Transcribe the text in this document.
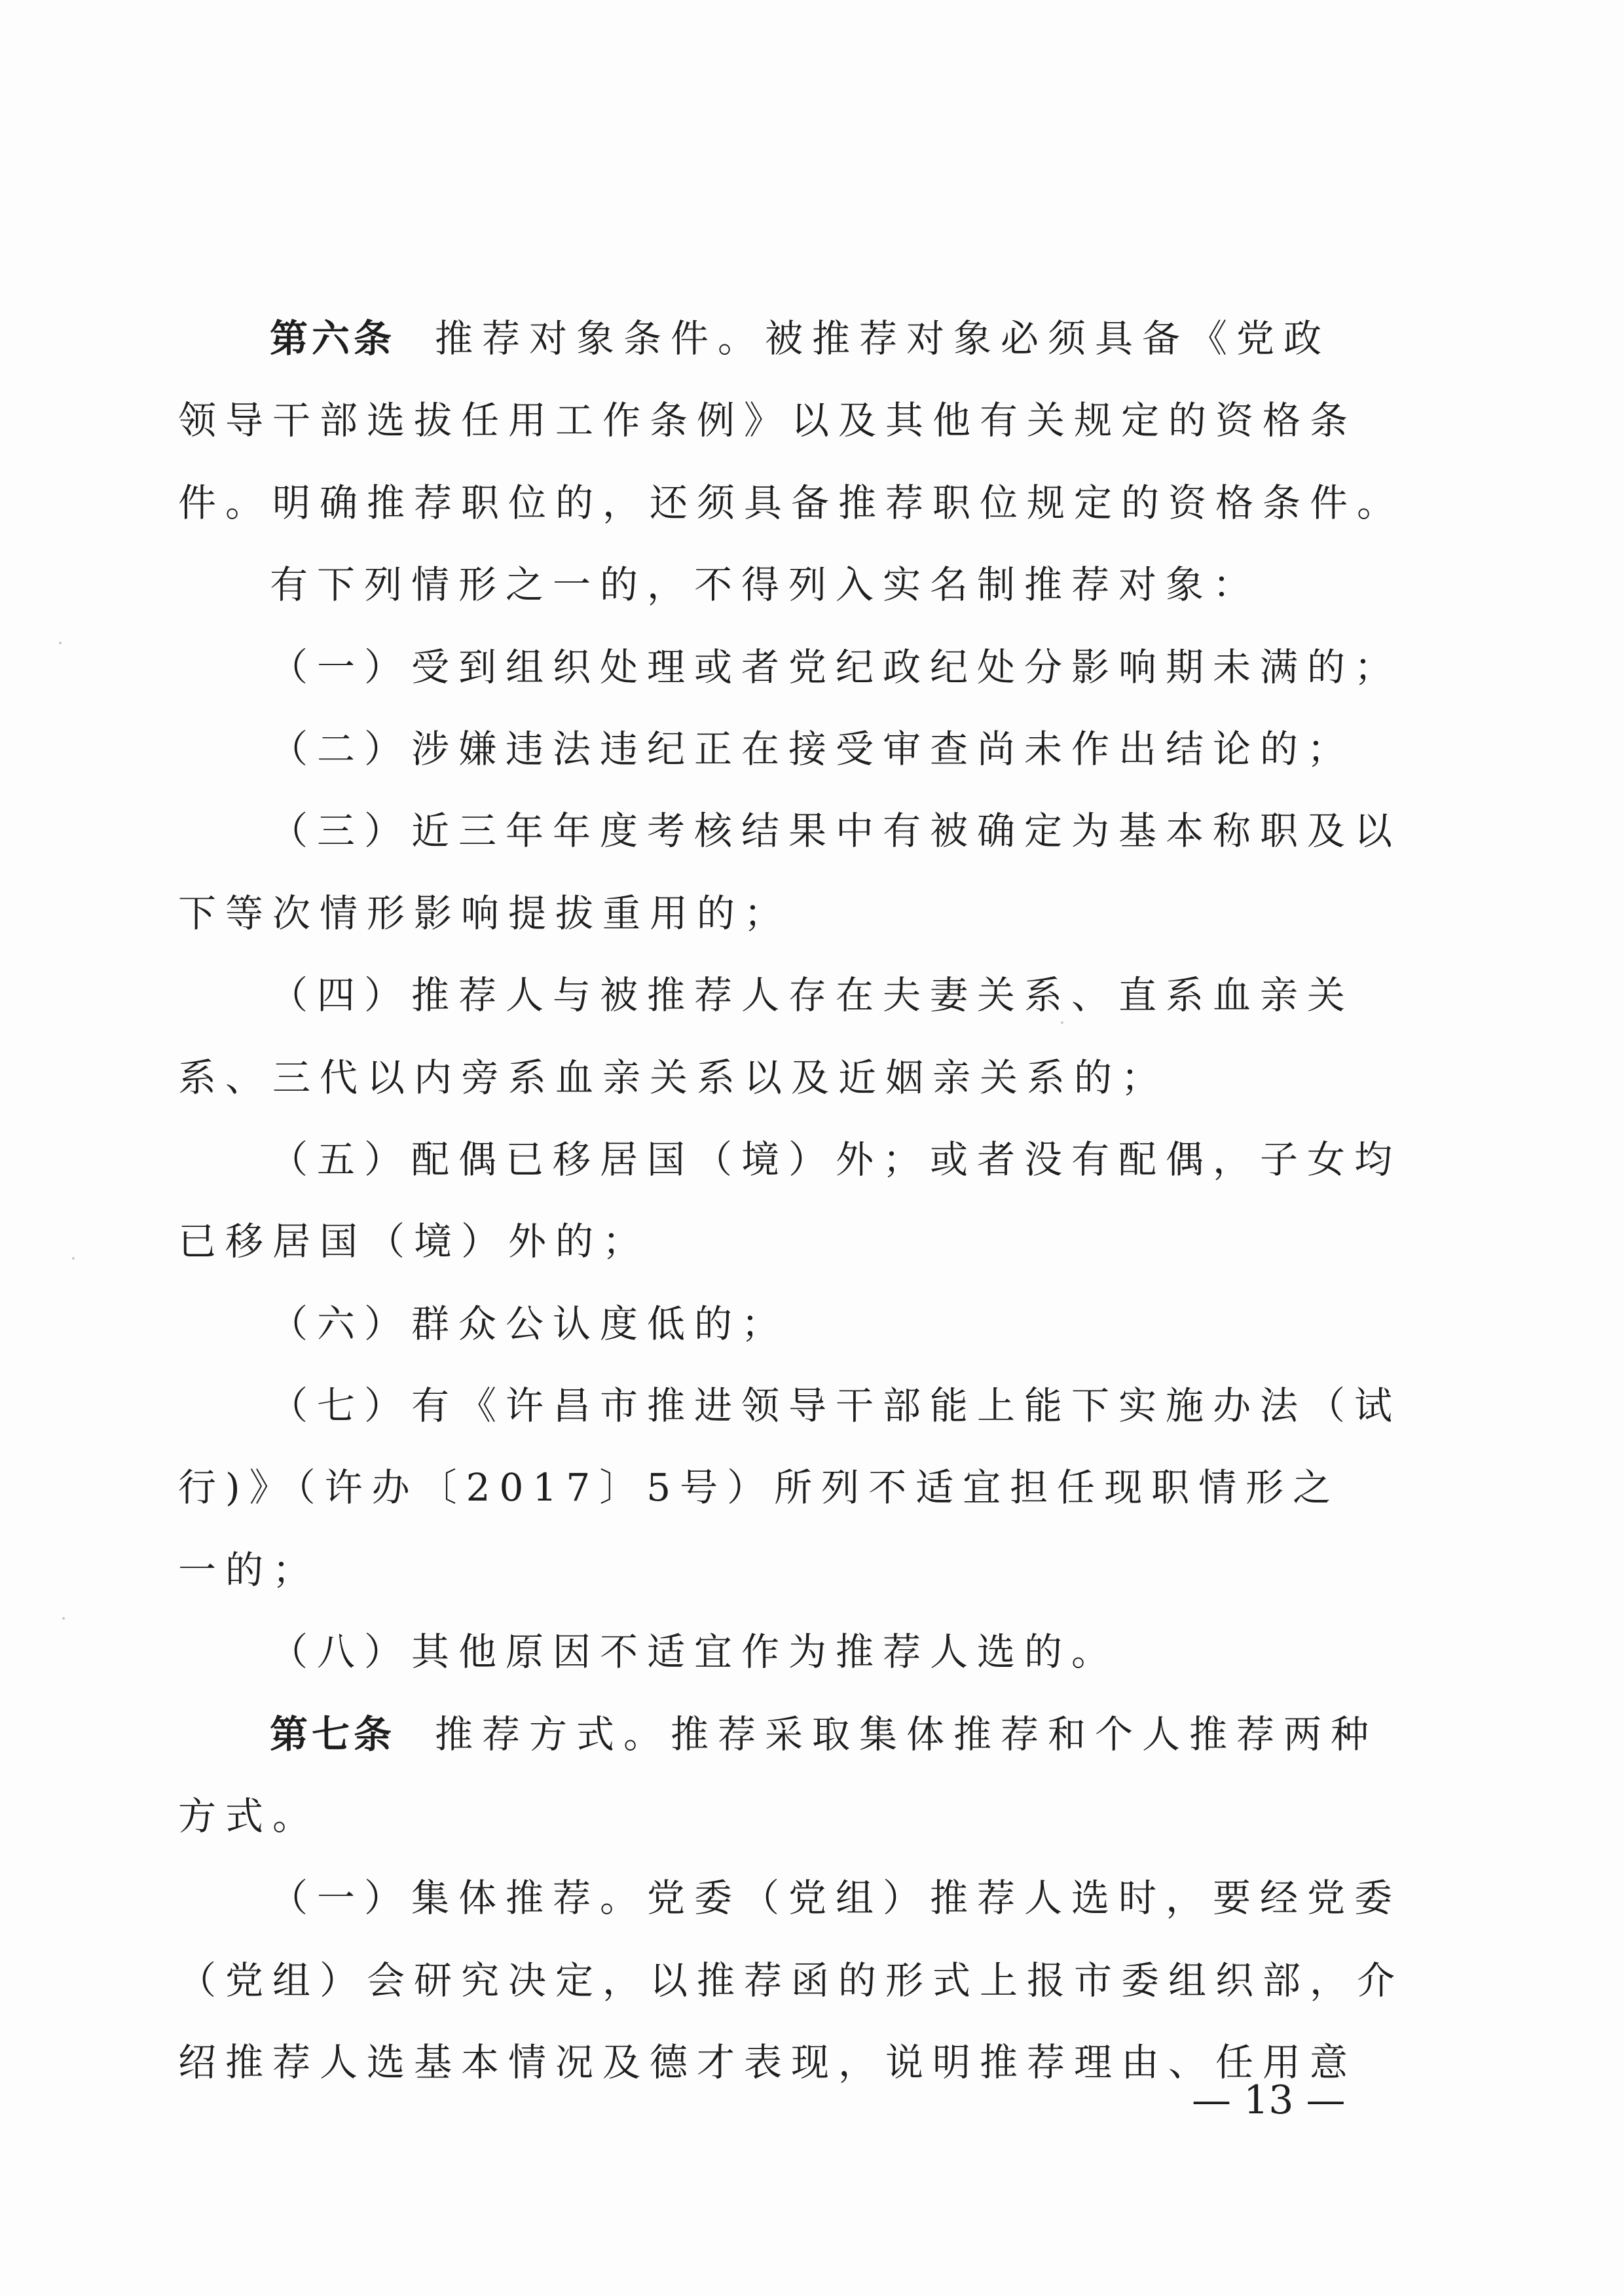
第六条 推荐对象条件。被推荐对象必须具备《党政
领导干部选拔任用工作条例》以及其他有关规定的资格条
件。明确推荐职位的，还须具备推荐职位规定的资格条件。
有下列情形之一的，不得列入实名制推荐对象：
（一）受到组织处理或者党纪政纪处分影响期未满的；
（二）涉嫌违法违纪正在接受审查尚未作出结论的；
（三）近三年年度考核结果中有被确定为基本称职及以
下等次情形影响提拔重用的；
（四）推荐人与被推荐人存在夫妻关系、直系血亲关
系、三代以内旁系血亲关系以及近姻亲关系的；
（五）配偶已移居国（境）外；或者没有配偶，子女均
已移居国（境）外的；
（六）群众公认度低的；
（七）有《许昌市推进领导干部能上能下实施办法（试
行)》（许办〔2017〕5号）所列不适宜担任现职情形之
一的；
（八）其他原因不适宜作为推荐人选的。
第七条 推荐方式。推荐采取集体推荐和个人推荐两种
方式。
（一）集体推荐。党委（党组）推荐人选时，要经党委
（党组）会研究决定，以推荐函的形式上报市委组织部，介
绍推荐人选基本情况及德才表现，说明推荐理由、任用意
— 13 —
